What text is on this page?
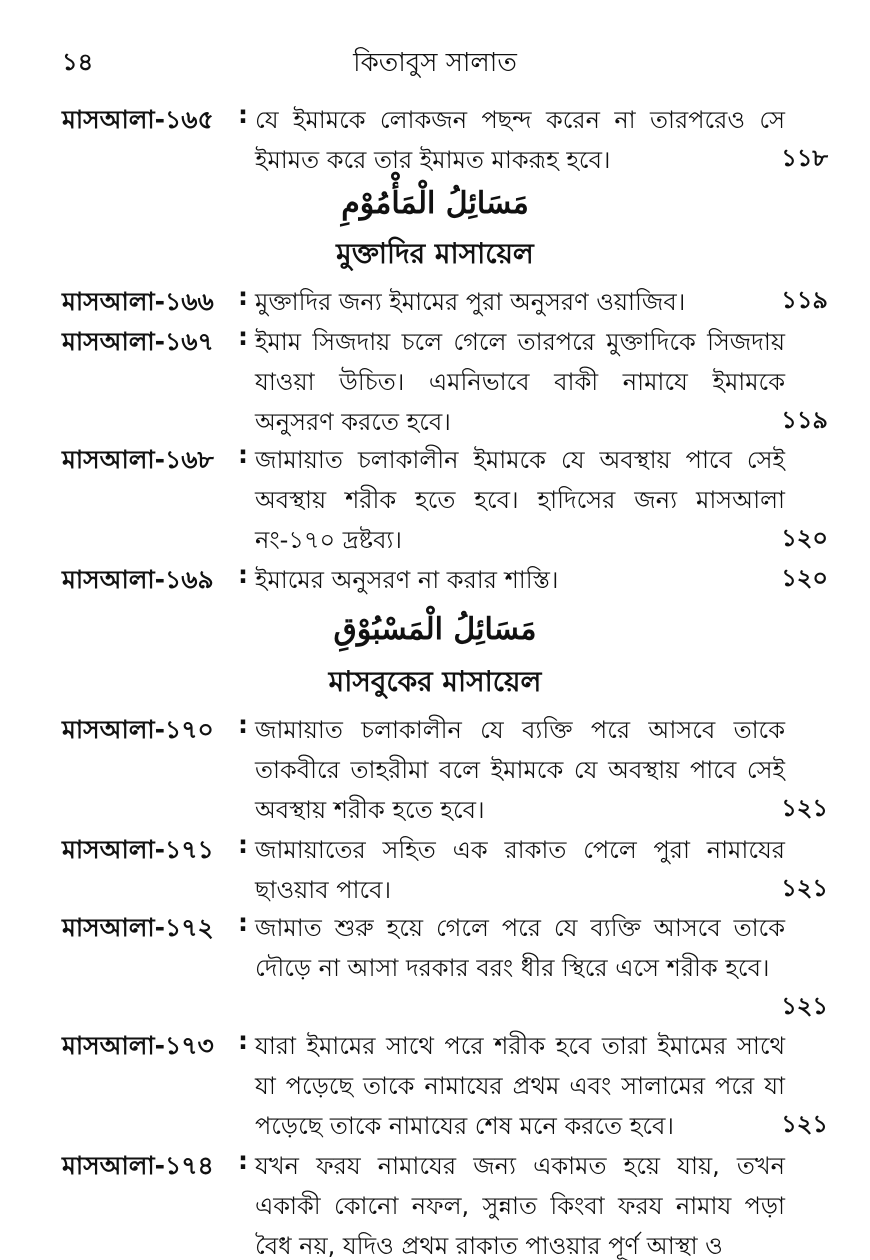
১৪	কিতাবুস সালাত
মাসআলা-১৬৫ : যে ইমামকে লোকজন পছন্দ করেন না তারপরেও সে ইমামত করে তার ইমামত মাকরূহ হবে।	১১৮
مَسَائِلُ الْمَأْمُوْمِ
মুক্তাদির মাসায়েল
মাসআলা-১৬৬ : মুক্তাদির জন্য ইমামের পুরা অনুসরণ ওয়াজিব।	১১৯
মাসআলা-১৬৭ : ইমাম সিজদায় চলে গেলে তারপরে মুক্তাদিকে সিজদায় যাওয়া উচিত। এমনিভাবে বাকী নামাযে ইমামকে অনুসরণ করতে হবে।	১১৯
মাসআলা-১৬৮ : জামায়াত চলাকালীন ইমামকে যে অবস্থায় পাবে সেই অবস্থায় শরীক হতে হবে। হাদিসের জন্য মাসআলা নং-১৭০ দ্রষ্টব্য।	১২০
মাসআলা-১৬৯ : ইমামের অনুসরণ না করার শাস্তি।	১২০
مَسَائِلُ الْمَسْبُوْقِ
মাসবুকের মাসায়েল
মাসআলা-১৭০ : জামায়াত চলাকালীন যে ব্যক্তি পরে আসবে তাকে তাকবীরে তাহরীমা বলে ইমামকে যে অবস্থায় পাবে সেই অবস্থায় শরীক হতে হবে।	১২১
মাসআলা-১৭১ : জামায়াতের সহিত এক রাকাত পেলে পুরা নামাযের ছাওয়াব পাবে।	১২১
মাসআলা-১৭২ : জামাত শুরু হয়ে গেলে পরে যে ব্যক্তি আসবে তাকে দৌড়ে না আসা দরকার বরং ধীর স্থিরে এসে শরীক হবে।
১২১
মাসআলা-১৭৩ : যারা ইমামের সাথে পরে শরীক হবে তারা ইমামের সাথে যা পড়েছে তাকে নামাযের প্রথম এবং সালামের পরে যা পড়েছে তাকে নামাযের শেষ মনে করতে হবে।	১২১
মাসআলা-১৭৪ : যখন ফরয নামাযের জন্য একামত হয়ে যায়, তখন একাকী কোনো নফল, সুন্নাত কিংবা ফরয নামায পড়া বৈধ নয়, যদিও প্রথম রাকাত পাওয়ার পূর্ণ আস্থা ও
